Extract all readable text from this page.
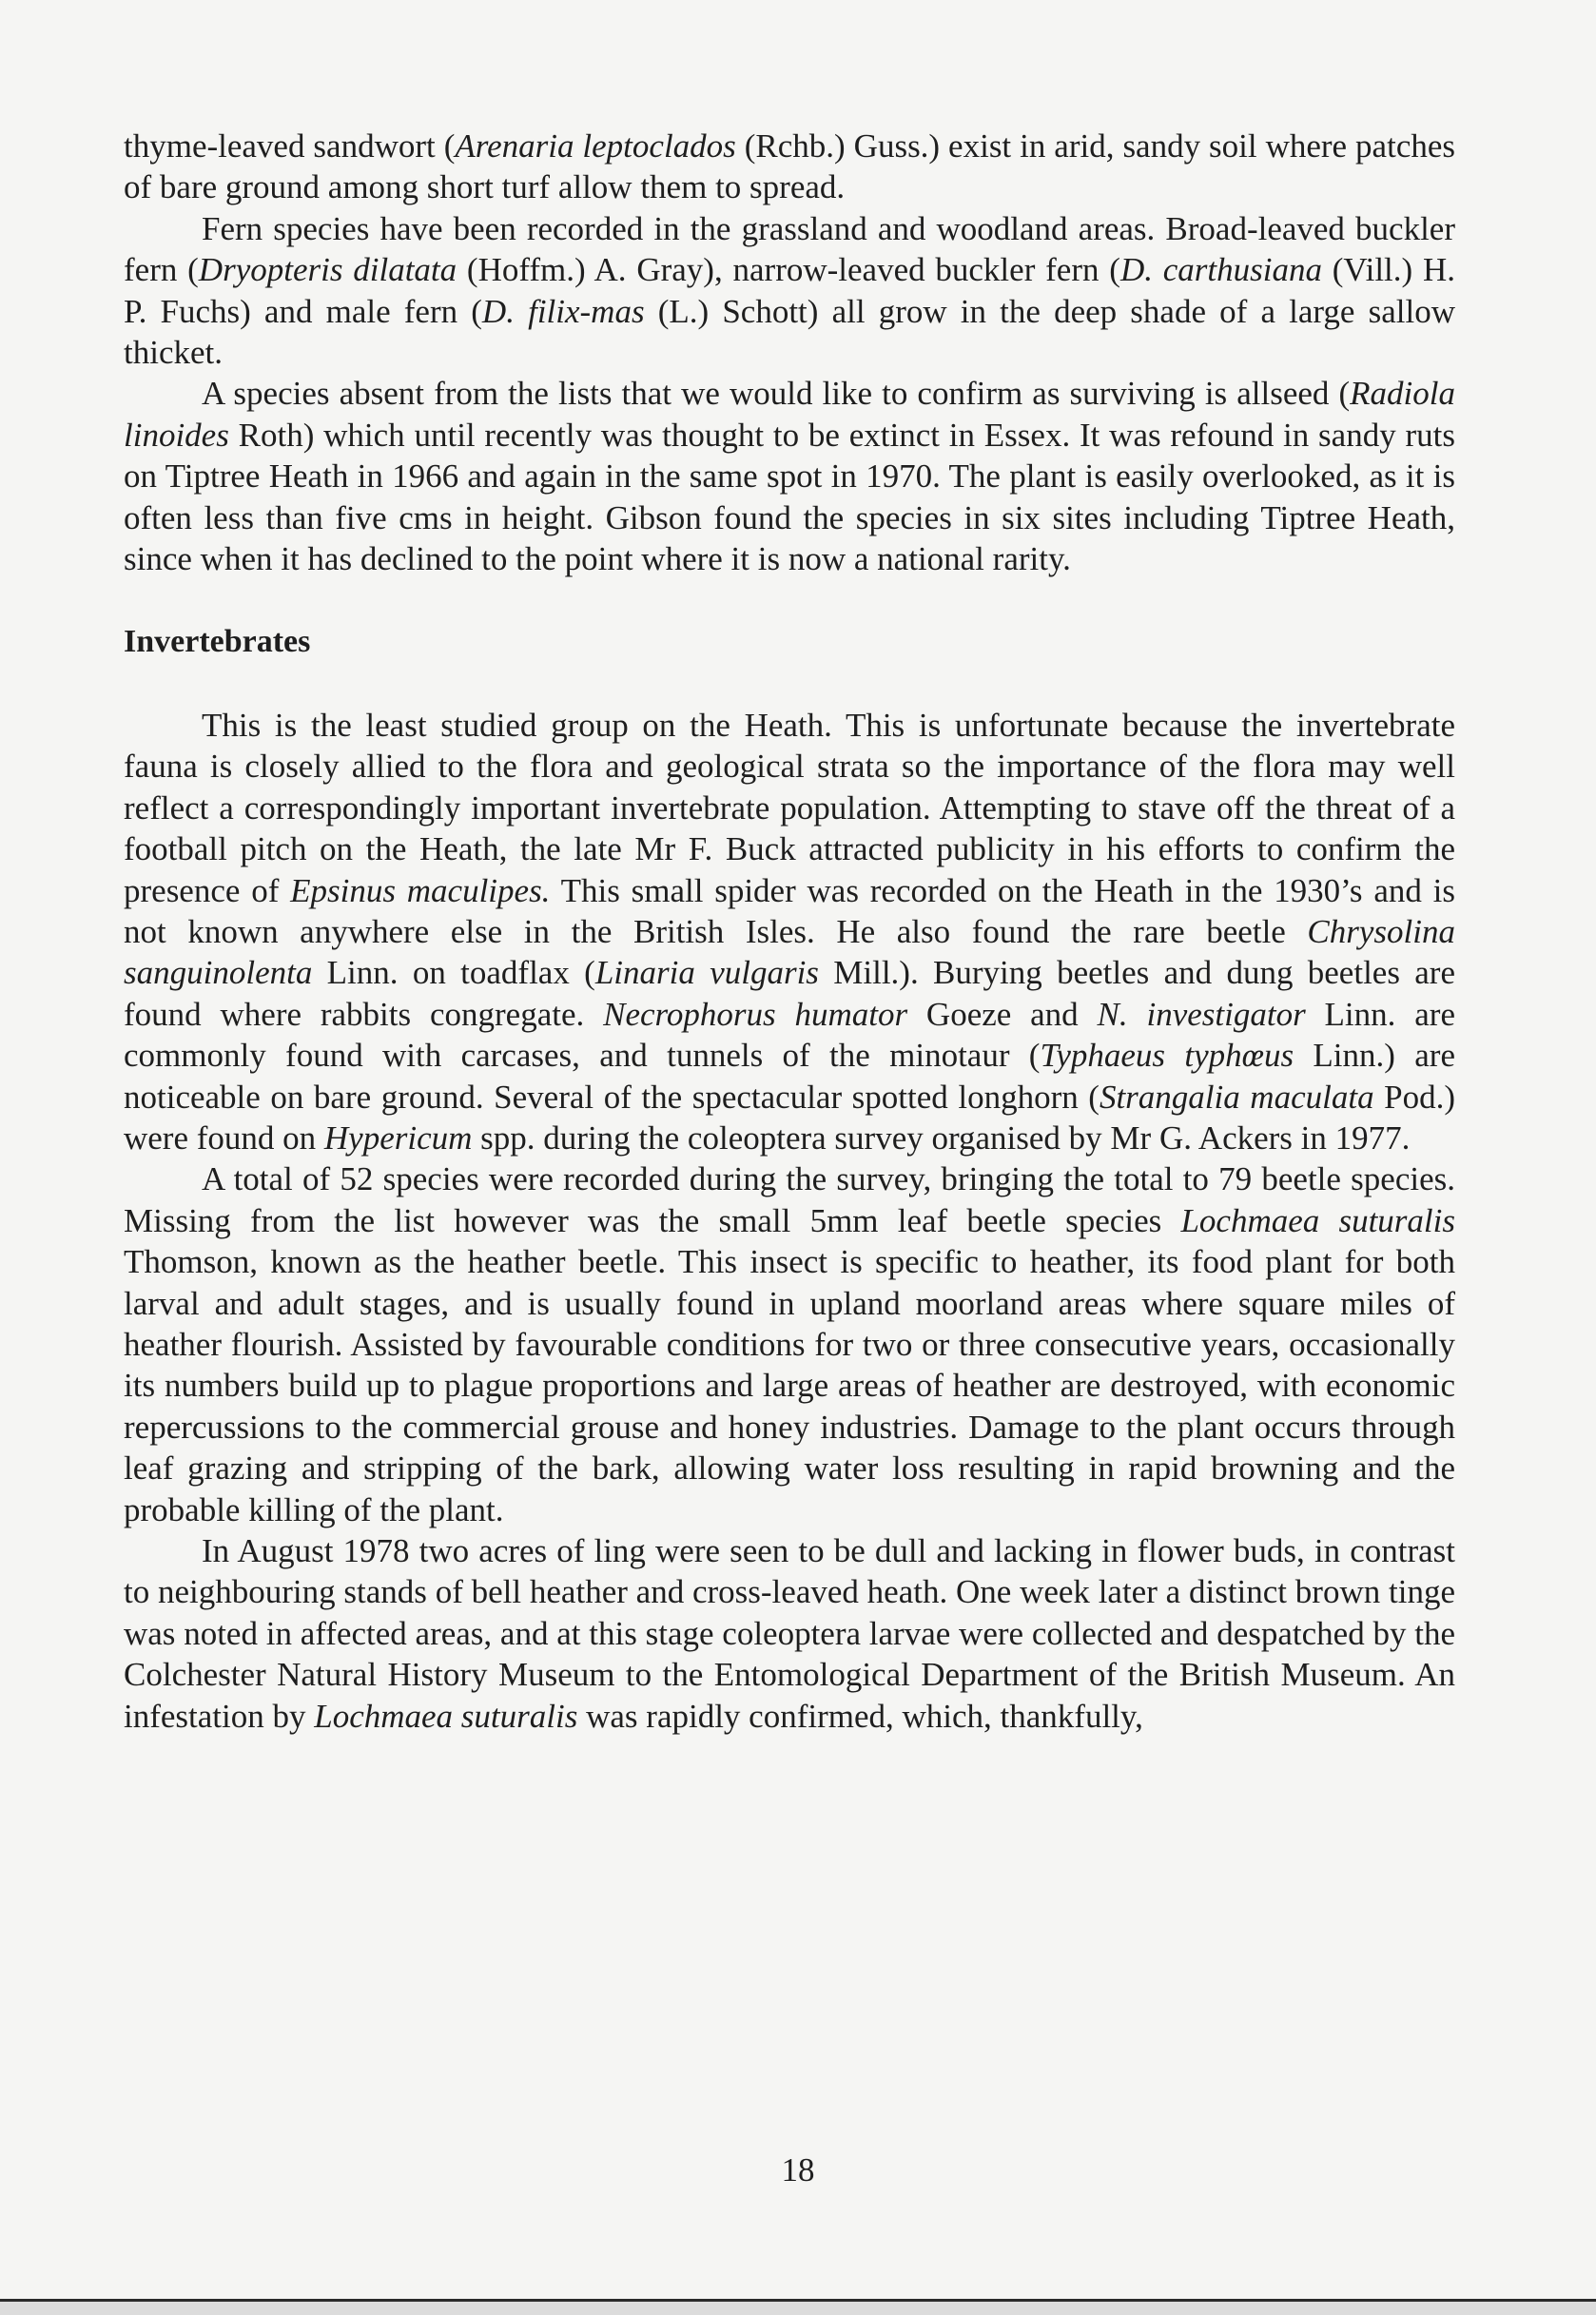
thyme-leaved sandwort (Arenaria leptoclados (Rchb.) Guss.) exist in arid, sandy soil where patches of bare ground among short turf allow them to spread.

Fern species have been recorded in the grassland and woodland areas. Broad-leaved buckler fern (Dryopteris dilatata (Hoffm.) A. Gray), narrow-leaved buckler fern (D. carthusiana (Vill.) H. P. Fuchs) and male fern (D. filix-mas (L.) Schott) all grow in the deep shade of a large sallow thicket.

A species absent from the lists that we would like to confirm as surviving is allseed (Radiola linoides Roth) which until recently was thought to be extinct in Essex. It was refound in sandy ruts on Tiptree Heath in 1966 and again in the same spot in 1970. The plant is easily overlooked, as it is often less than five cms in height. Gibson found the species in six sites including Tiptree Heath, since when it has declined to the point where it is now a national rarity.

Invertebrates

This is the least studied group on the Heath. This is unfortunate because the invertebrate fauna is closely allied to the flora and geological strata so the importance of the flora may well reflect a correspondingly important invertebrate population. Attempting to stave off the threat of a football pitch on the Heath, the late Mr F. Buck attracted publicity in his efforts to confirm the presence of Epsinus maculipes. This small spider was recorded on the Heath in the 1930’s and is not known anywhere else in the British Isles. He also found the rare beetle Chrysolina sanguinolenta Linn. on toadflax (Linaria vulgaris Mill.). Burying beetles and dung beetles are found where rabbits congregate. Necrophorus humator Goeze and N. investigator Linn. are commonly found with carcases, and tunnels of the minotaur (Typhaeus typhœus Linn.) are noticeable on bare ground. Several of the spectacular spotted longhorn (Strangalia maculata Pod.) were found on Hypericum spp. during the coleoptera survey organised by Mr G. Ackers in 1977.

A total of 52 species were recorded during the survey, bringing the total to 79 beetle species. Missing from the list however was the small 5mm leaf beetle species Lochmaea suturalis Thomson, known as the heather beetle. This insect is specific to heather, its food plant for both larval and adult stages, and is usually found in upland moorland areas where square miles of heather flourish. Assisted by favourable conditions for two or three consecutive years, occasionally its numbers build up to plague proportions and large areas of heather are destroyed, with economic repercussions to the commercial grouse and honey industries. Damage to the plant occurs through leaf grazing and stripping of the bark, allowing water loss resulting in rapid browning and the probable killing of the plant.

In August 1978 two acres of ling were seen to be dull and lacking in flower buds, in contrast to neighbouring stands of bell heather and cross-leaved heath. One week later a distinct brown tinge was noted in affected areas, and at this stage coleoptera larvae were collected and despatched by the Colchester Natural History Museum to the Entomological Department of the British Museum. An infestation by Lochmaea suturalis was rapidly confirmed, which, thankfully,

18
